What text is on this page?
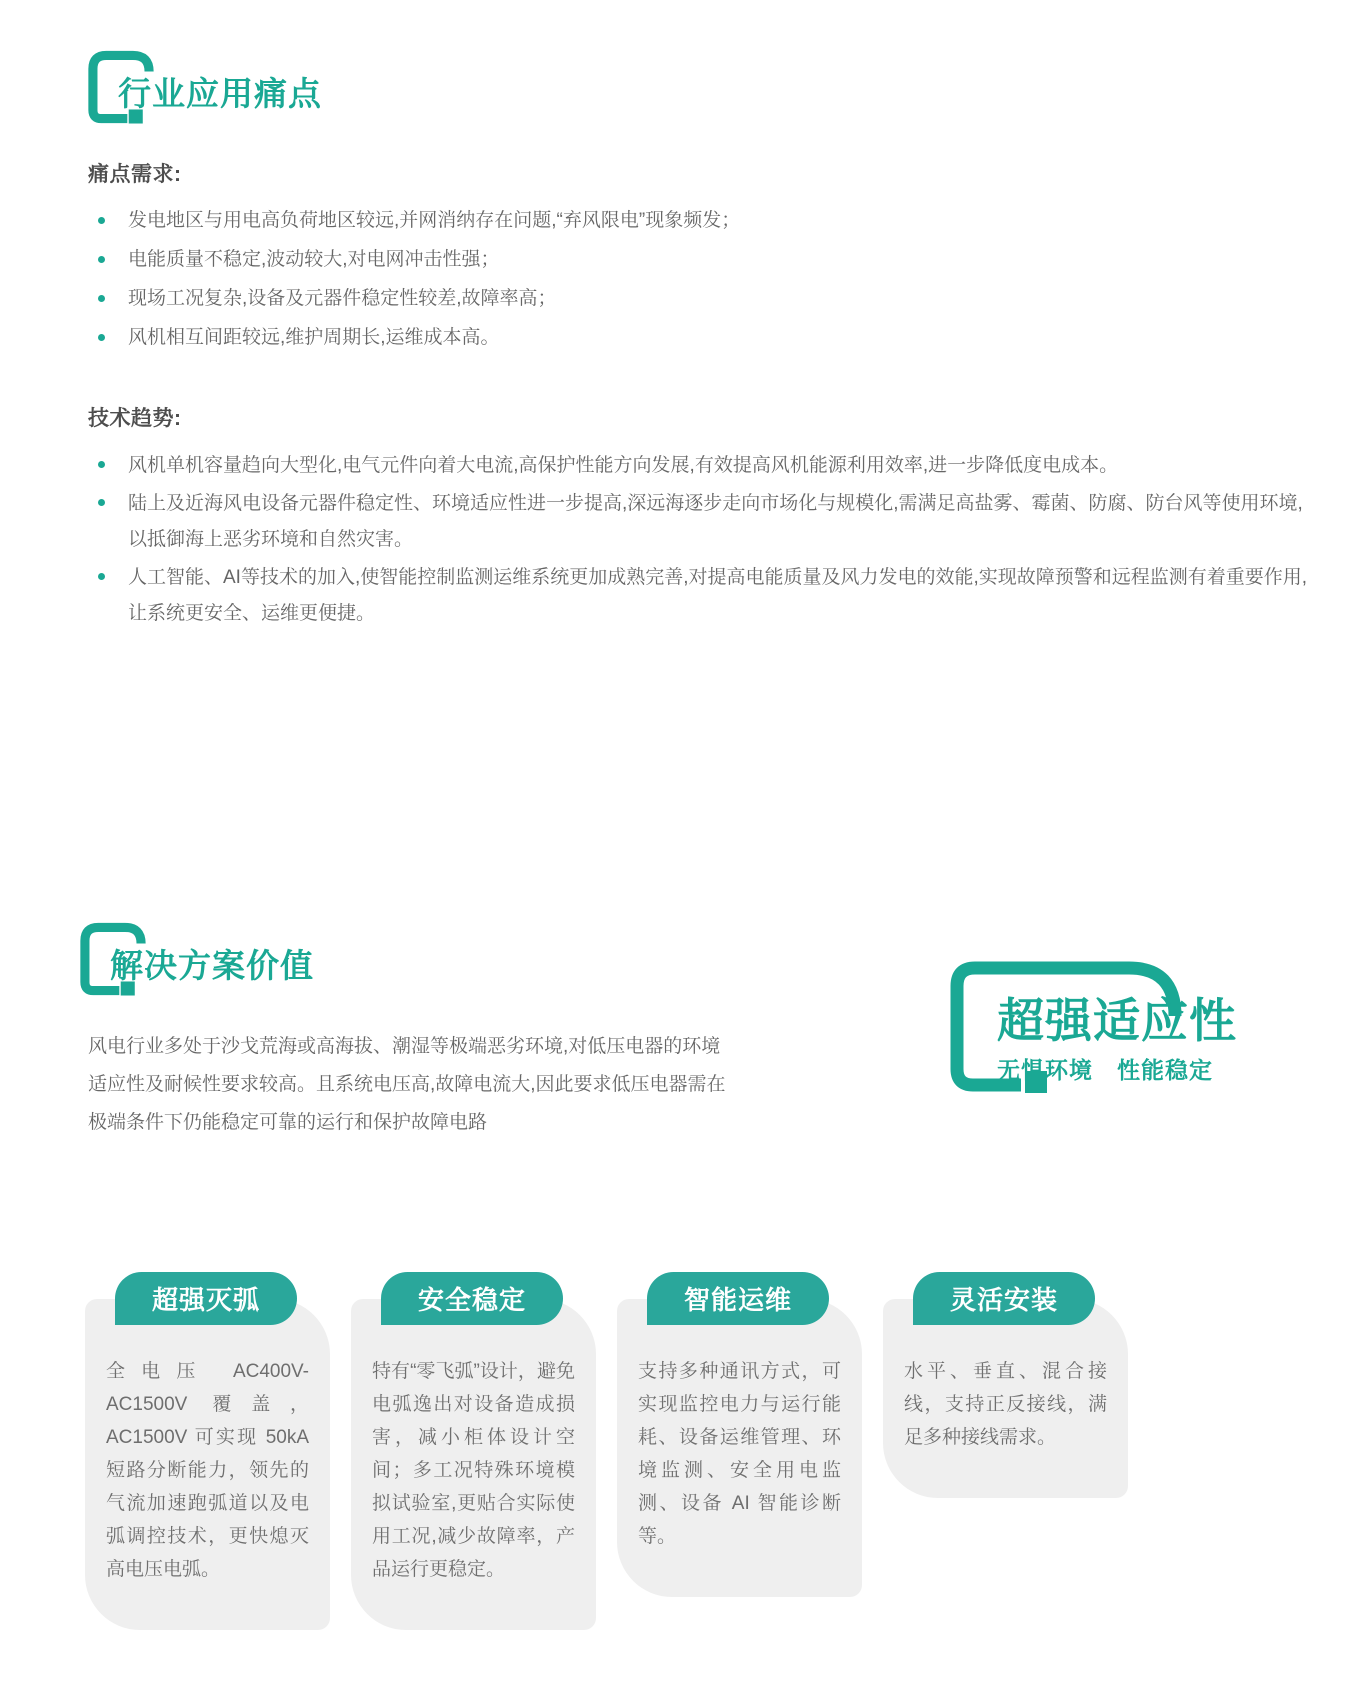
行业应用痛点
痛点需求:
发电地区与用电高负荷地区较远,并网消纳存在问题,“弃风限电”现象频发；
电能质量不稳定,波动较大,对电网冲击性强；
现场工况复杂,设备及元器件稳定性较差,故障率高；
风机相互间距较远,维护周期长,运维成本高。
技术趋势:
风机单机容量趋向大型化,电气元件向着大电流,高保护性能方向发展,有效提高风机能源利用效率,进一步降低度电成本。
陆上及近海风电设备元器件稳定性、环境适应性进一步提高,深远海逐步走向市场化与规模化,需满足高盐雾、霉菌、防腐、防台风等使用环境,以抵御海上恶劣环境和自然灾害。
人工智能、AI等技术的加入,使智能控制监测运维系统更加成熟完善,对提高电能质量及风力发电的效能,实现故障预警和远程监测有着重要作用,让系统更安全、运维更便捷。
解决方案价值

风电行业多处于沙戈荒海或高海拔、潮湿等极端恶劣环境,对低压电器的环境适应性及耐候性要求较高。且系统电压高,故障电流大,因此要求低压电器需在极端条件下仍能稳定可靠的运行和保护故障电路

超强适应性
无惧环境　性能稳定
超强灭弧
全电压 AC400V-AC1500V 覆盖，AC1500V 可实现 50kA 短路分断能力，领先的气流加速跑弧道以及电弧调控技术，更快熄灭高电压电弧。
安全稳定
特有“零飞弧”设计，避免电弧逸出对设备造成损害，减小柜体设计空间；多工况特殊环境模拟试验室,更贴合实际使用工况,减少故障率，产品运行更稳定。
智能运维
支持多种通讯方式，可实现监控电力与运行能耗、设备运维管理、环境监测、安全用电监测、设备 AI 智能诊断等。
灵活安装
水平、垂直、混合接线，支持正反接线，满足多种接线需求。
